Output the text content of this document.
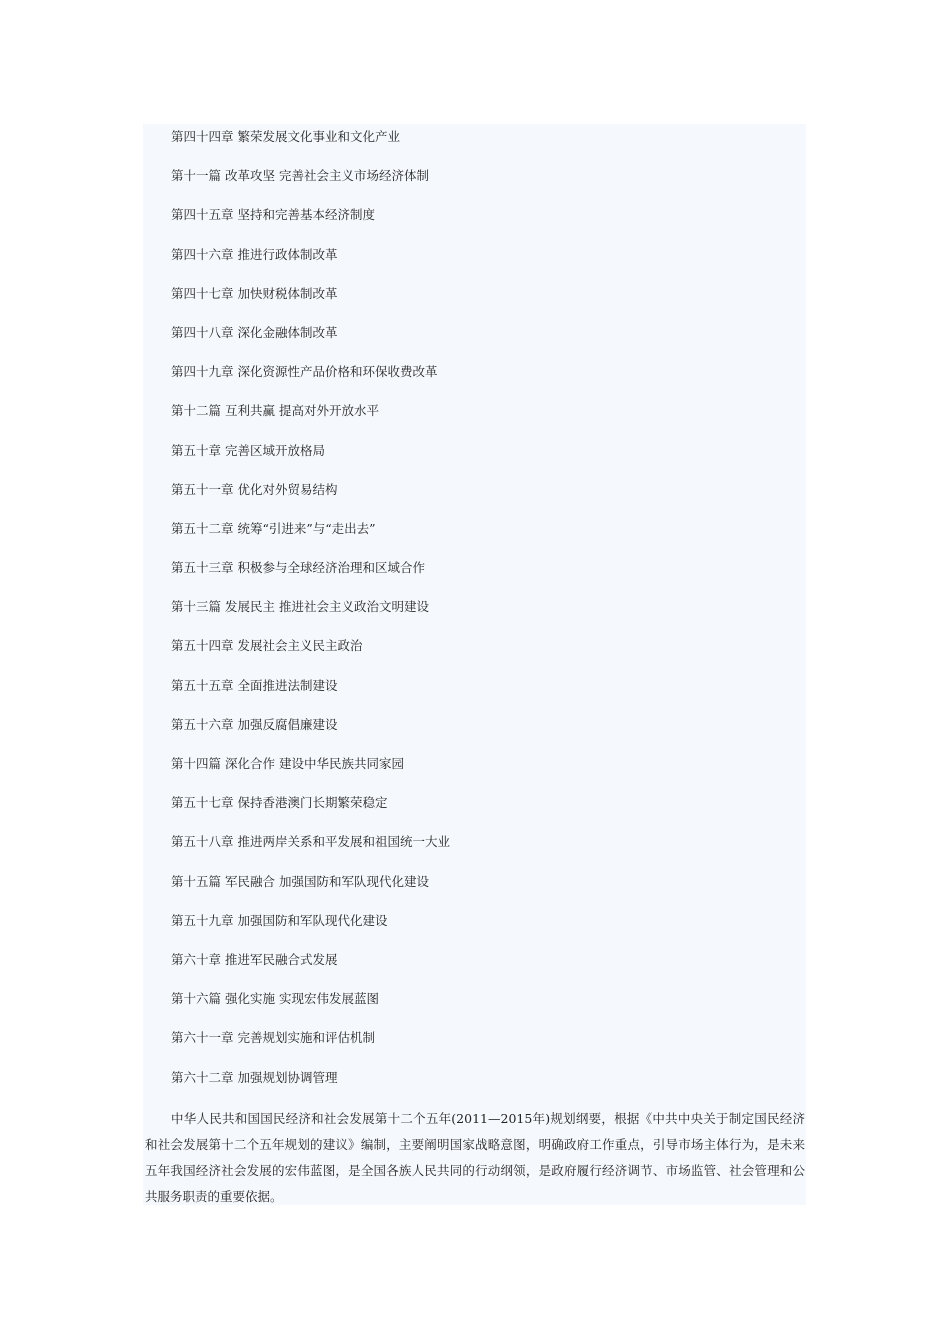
第四十四章 繁荣发展文化事业和文化产业
第十一篇 改革攻坚 完善社会主义市场经济体制
第四十五章 坚持和完善基本经济制度
第四十六章 推进行政体制改革
第四十七章 加快财税体制改革
第四十八章 深化金融体制改革
第四十九章 深化资源性产品价格和环保收费改革
第十二篇 互利共赢 提高对外开放水平
第五十章 完善区域开放格局
第五十一章 优化对外贸易结构
第五十二章 统筹“引进来”与“走出去”
第五十三章 积极参与全球经济治理和区域合作
第十三篇 发展民主 推进社会主义政治文明建设
第五十四章 发展社会主义民主政治
第五十五章 全面推进法制建设
第五十六章 加强反腐倡廉建设
第十四篇 深化合作 建设中华民族共同家园
第五十七章 保持香港澳门长期繁荣稳定
第五十八章 推进两岸关系和平发展和祖国统一大业
第十五篇 军民融合 加强国防和军队现代化建设
第五十九章 加强国防和军队现代化建设
第六十章 推进军民融合式发展
第十六篇 强化实施 实现宏伟发展蓝图
第六十一章 完善规划实施和评估机制
第六十二章 加强规划协调管理

中华人民共和国国民经济和社会发展第十二个五年(2011—2015年)规划纲要，根据《中共中央关于制定国民经济和社会发展第十二个五年规划的建议》编制，主要阐明国家战略意图，明确政府工作重点，引导市场主体行为，是未来五年我国经济社会发展的宏伟蓝图，是全国各族人民共同的行动纲领，是政府履行经济调节、市场监管、社会管理和公共服务职责的重要依据。
